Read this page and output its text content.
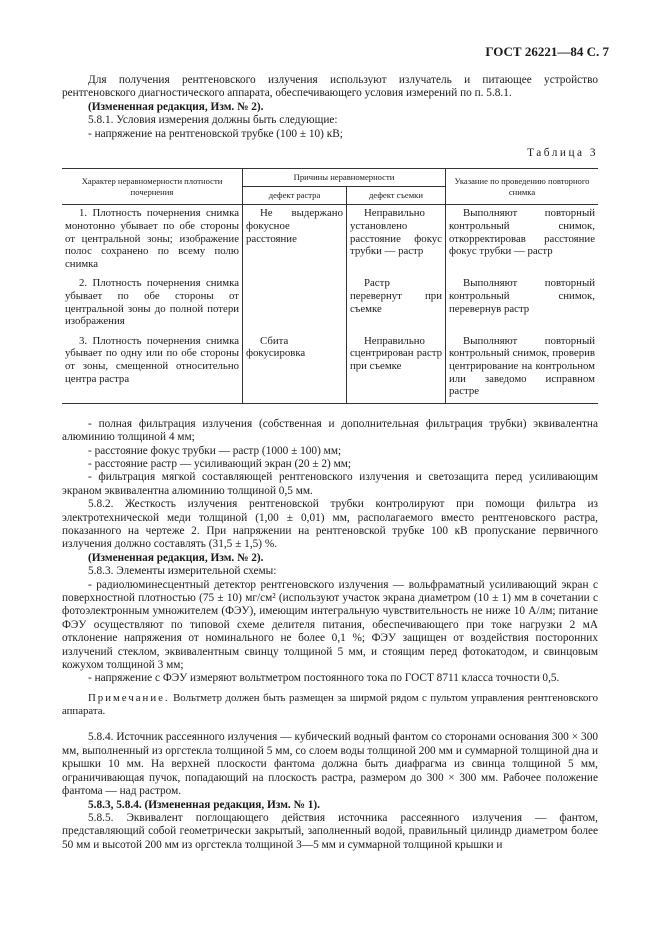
ГОСТ 26221—84 С. 7

Для получения рентгеновского излучения используют излучатель и питающее устройство рентгеновского диагностического аппарата, обеспечивающего условия измерений по п. 5.8.1.

(Измененная редакция, Изм. № 2).

5.8.1. Условия измерения должны быть следующие:

- напряжение на рентгеновской трубке (100 ± 10) кВ;

Таблица 3
Характер неравномерности плотности почернения	Причины неравномерности		Указание по проведению повторного снимка
	дефект растра	дефект съемки	
1. Плотность почернения снимка монотонно убывает по обе стороны от центральной зоны; изображение полос сохранено по всему полю снимка	Не выдержано фокусное расстояние	Неправильно установлено расстояние фокус трубки — растр	Выполняют повторный контрольный снимок, откорректировав расстояние фокус трубки — растр
2. Плотность почернения снимка убывает по обе стороны от центральной зоны до полной потери изображения		Растр перевернут при съемке	Выполняют повторный контрольный снимок, перевернув растр
3. Плотность почернения снимка убывает по одну или по обе стороны от зоны, смещенной относительно центра растра	Сбита фокусировка	Неправильно сцентрирован растр при съемке	Выполняют повторный контрольный снимок, проверив центрирование на контрольном или заведомо исправном растре

- полная фильтрация излучения (собственная и дополнительная фильтрация трубки) эквивалентна алюминию толщиной 4 мм;

- расстояние фокус трубки — растр (1000 ± 100) мм;

- расстояние растр — усиливающий экран (20 ± 2) мм;

- фильтрация мягкой составляющей рентгеновского излучения и светозащита перед усиливающим экраном эквивалентна алюминию толщиной 0,5 мм.

5.8.2. Жесткость излучения рентгеновской трубки контролируют при помощи фильтра из электротехнической меди толщиной (1,00 ± 0,01) мм, располагаемого вместо рентгеновского растра, показанного на чертеже 2. При напряжении на рентгеновской трубке 100 кВ пропускание первичного излучения должно составлять (31,5 ± 1,5) %.

(Измененная редакция, Изм. № 2).

5.8.3. Элементы измерительной схемы:

- радиолюминесцентный детектор рентгеновского излучения — вольфраматный усиливающий экран с поверхностной плотностью (75 ± 10) мг/см² (используют участок экрана диаметром (10 ± 1) мм в сочетании с фотоэлектронным умножителем (ФЭУ), имеющим интегральную чувствительность не ниже 10 А/лм; питание ФЭУ осуществляют по типовой схеме делителя питания, обеспечивающего при токе нагрузки 2 мА отклонение напряжения от номинального не более 0,1 %; ФЭУ защищен от воздействия посторонних излучений стеклом, эквивалентным свинцу толщиной 5 мм, и стоящим перед фотокатодом, и свинцовым кожухом толщиной 3 мм;

- напряжение с ФЭУ измеряют вольтметром постоянного тока по ГОСТ 8711 класса точности 0,5.

Примечание. Вольтметр должен быть размещен за ширмой рядом с пультом управления рентгеновского аппарата.

5.8.4. Источник рассеянного излучения — кубический водный фантом со сторонами основания 300 × 300 мм, выполненный из оргстекла толщиной 5 мм, со слоем воды толщиной 200 мм и суммарной толщиной дна и крышки 10 мм. На верхней плоскости фантома должна быть диафрагма из свинца толщиной 5 мм, ограничивающая пучок, попадающий на плоскость растра, размером до 300 × 300 мм. Рабочее положение фантома — над растром.

5.8.3, 5.8.4. (Измененная редакция, Изм. № 1).

5.8.5. Эквивалент поглощающего действия источника рассеянного излучения — фантом, представляющий собой геометрически закрытый, заполненный водой, правильный цилиндр диаметром более 50 мм и высотой 200 мм из оргстекла толщиной 3—5 мм и суммарной толщиной крышки и
